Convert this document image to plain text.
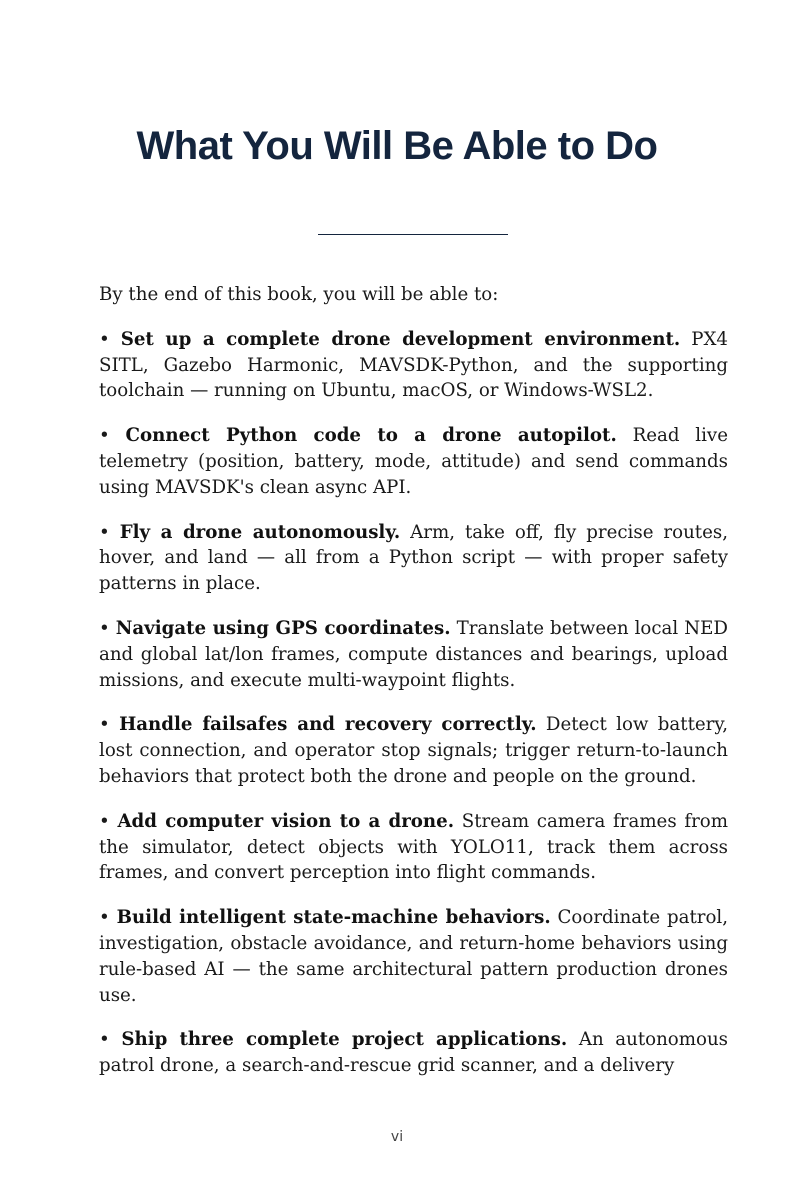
What You Will Be Able to Do

By the end of this book, you will be able to:

• Set up a complete drone development environment. PX4 SITL, Gazebo Harmonic, MAVSDK-Python, and the supporting toolchain — running on Ubuntu, macOS, or Windows-WSL2.

• Connect Python code to a drone autopilot. Read live telemetry (position, battery, mode, attitude) and send commands using MAVSDK's clean async API.

• Fly a drone autonomously. Arm, take off, fly precise routes, hover, and land — all from a Python script — with proper safety patterns in place.

• Navigate using GPS coordinates. Translate between local NED and global lat/lon frames, compute distances and bearings, upload missions, and execute multi-waypoint flights.

• Handle failsafes and recovery correctly. Detect low battery, lost connection, and operator stop signals; trigger return-to-launch behaviors that protect both the drone and people on the ground.

• Add computer vision to a drone. Stream camera frames from the simulator, detect objects with YOLO11, track them across frames, and convert perception into flight commands.

• Build intelligent state-machine behaviors. Coordinate patrol, investigation, obstacle avoidance, and return-home behaviors using rule-based AI — the same architectural pattern production drones use.

• Ship three complete project applications. An autonomous patrol drone, a search-and-rescue grid scanner, and a delivery

vi
